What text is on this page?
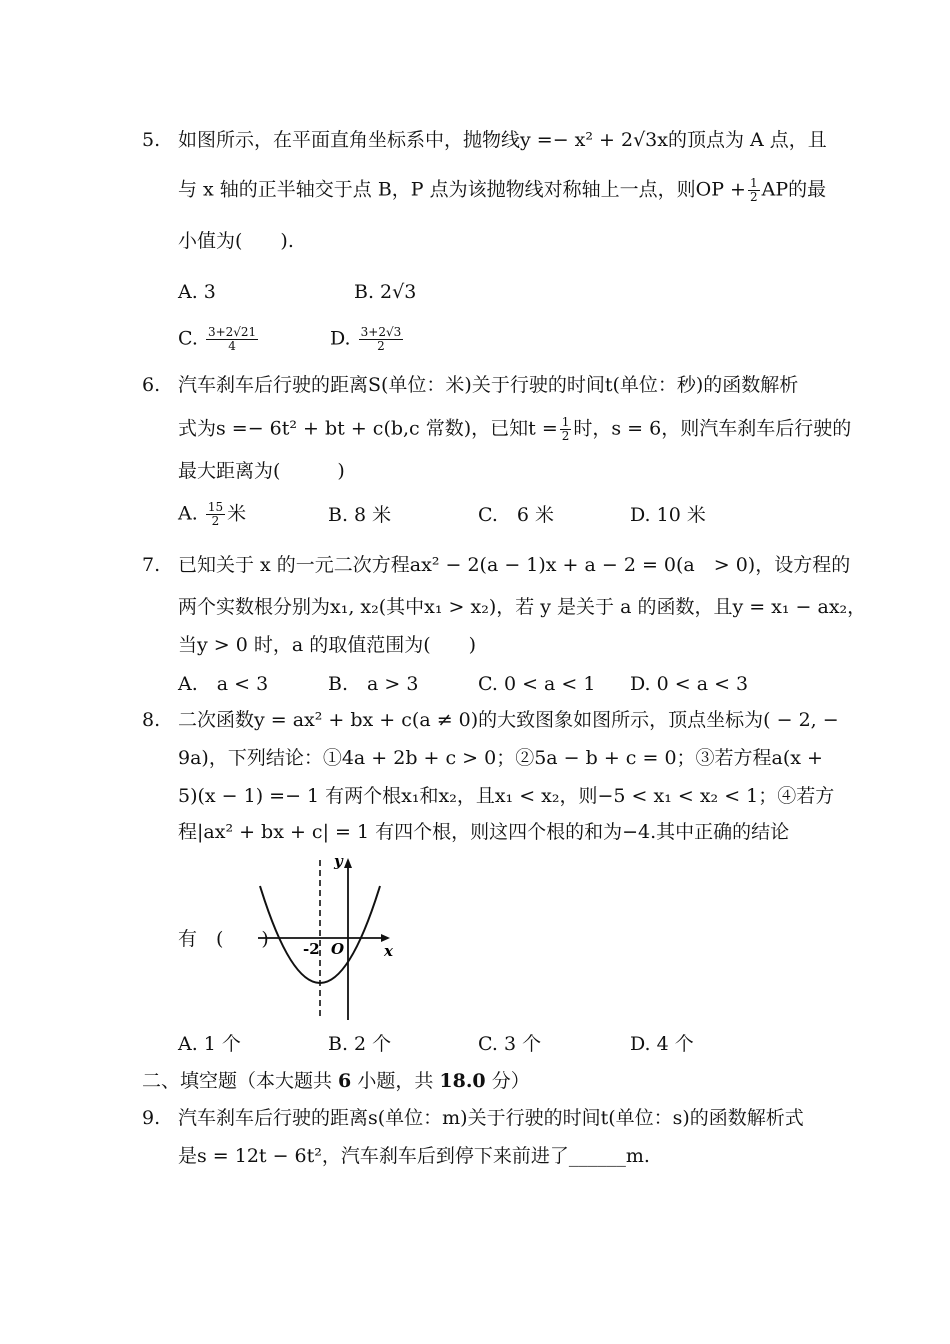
5. 如图所示，在平面直角坐标系中，抛物线y =− x² + 2√3x的顶点为 A 点，且
与 x 轴的正半轴交于点 B，P 点为该抛物线对称轴上一点，则OP + $\frac{1}{2}$ AP的最
小值为(　　).
A. 3	B. 2√3
C. $\frac{3+2√21}{4}$	D. $\frac{3+2√3}{2}$
6. 汽车刹车后行驶的距离S(单位：米)关于行驶的时间t(单位：秒)的函数解析
式为s =− 6t² + bt + c(b,c 常数)，已知$t = \frac{1}{2}$ 时，s = 6，则汽车刹车后行驶的
最大距离为(　　　)
A. $\frac{15}{2}$ 米	B. 8 米	C.　6 米	D. 10 米
7. 已知关于 x 的一元二次方程ax² − 2(a − 1)x + a − 2 = 0(a　> 0)，设方程的
两个实数根分别为x₁, x₂(其中x₁ > x₂)，若 y 是关于 a 的函数，且y = x₁ − ax₂，
当y > 0 时，a 的取值范围为(　　)
A.　a < 3	B.　a > 3	C. 0 < a < 1 D. 0 < a < 3
8. 二次函数y = ax² + bx + c(a ≠ 0)的大致图象如图所示，顶点坐标为( − 2, −
9a)，下列结论：①4a + 2b + c > 0；②5a − b + c = 0；③若方程a(x +
5)(x − 1) =− 1 有两个根x₁和x₂，且x₁ < x₂，则−5 < x₁ < x₂ < 1；④若方
程|ax² + bx + c| = 1 有四个根，则这四个根的和为−4.其中正确的结论
有　(　　)
y
x
O
-2
A. 1 个	B. 2 个	C. 3 个	D. 4 个
二、填空题（本大题共 6 小题，共 18.0 分）
9. 汽车刹车后行驶的距离s(单位：m)关于行驶的时间t(单位：s)的函数解析式
是s = 12t − 6t²，汽车刹车后到停下来前进了______m.
